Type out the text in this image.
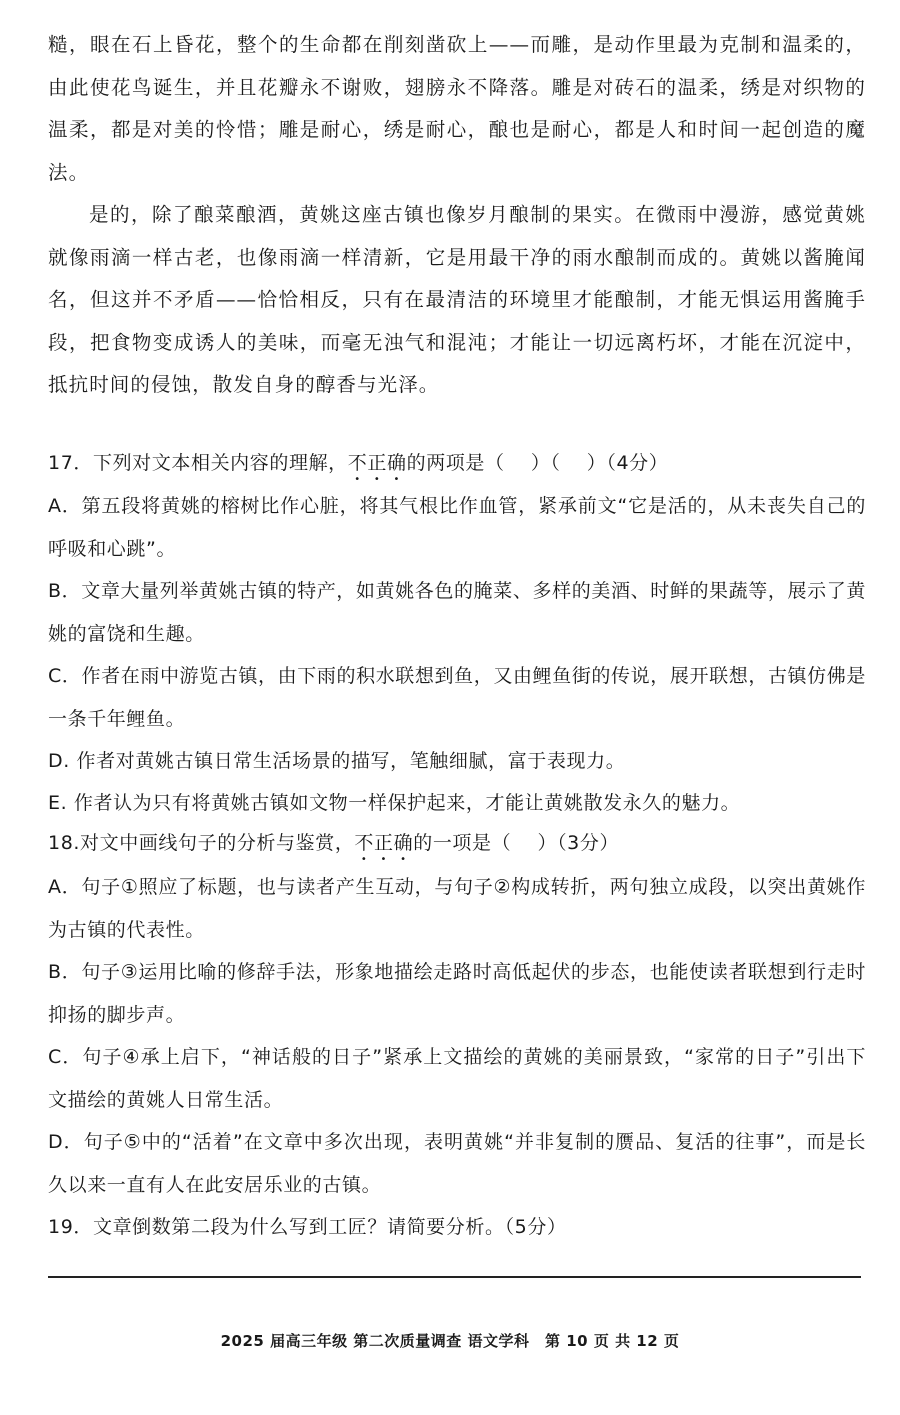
糙，眼在石上昏花，整个的生命都在削刻凿砍上——而雕，是动作里最为克制和温柔的，由此使花鸟诞生，并且花瓣永不谢败，翅膀永不降落。雕是对砖石的温柔，绣是对织物的温柔，都是对美的怜惜；雕是耐心，绣是耐心，酿也是耐心，都是人和时间一起创造的魔法。

是的，除了酿菜酿酒，黄姚这座古镇也像岁月酿制的果实。在微雨中漫游，感觉黄姚就像雨滴一样古老，也像雨滴一样清新，它是用最干净的雨水酿制而成的。黄姚以酱腌闻名，但这并不矛盾——恰恰相反，只有在最清洁的环境里才能酿制，才能无惧运用酱腌手段，把食物变成诱人的美味，而毫无浊气和混沌；才能让一切远离朽坏，才能在沉淀中，抵抗时间的侵蚀，散发自身的醇香与光泽。

17．下列对文本相关内容的理解，不正确的两项是（　 ）（　 ）（4分）

A．第五段将黄姚的榕树比作心脏，将其气根比作血管，紧承前文“它是活的，从未丧失自己的呼吸和心跳”。

B．文章大量列举黄姚古镇的特产，如黄姚各色的腌菜、多样的美酒、时鲜的果蔬等，展示了黄姚的富饶和生趣。

C．作者在雨中游览古镇，由下雨的积水联想到鱼，又由鲤鱼街的传说，展开联想，古镇仿佛是一条千年鲤鱼。

D. 作者对黄姚古镇日常生活场景的描写，笔触细腻，富于表现力。

E. 作者认为只有将黄姚古镇如文物一样保护起来，才能让黄姚散发永久的魅力。

18.对文中画线句子的分析与鉴赏，不正确的一项是（　 ）（3分）

A．句子①照应了标题，也与读者产生互动，与句子②构成转折，两句独立成段，以突出黄姚作为古镇的代表性。

B．句子③运用比喻的修辞手法，形象地描绘走路时高低起伏的步态，也能使读者联想到行走时抑扬的脚步声。

C．句子④承上启下，“神话般的日子”紧承上文描绘的黄姚的美丽景致，“家常的日子”引出下文描绘的黄姚人日常生活。

D．句子⑤中的“活着”在文章中多次出现，表明黄姚“并非复制的赝品、复活的往事”，而是长久以来一直有人在此安居乐业的古镇。

19．文章倒数第二段为什么写到工匠？请简要分析。（5分）

2025 届高三年级 第二次质量调查 语文学科　第 10 页 共 12 页
